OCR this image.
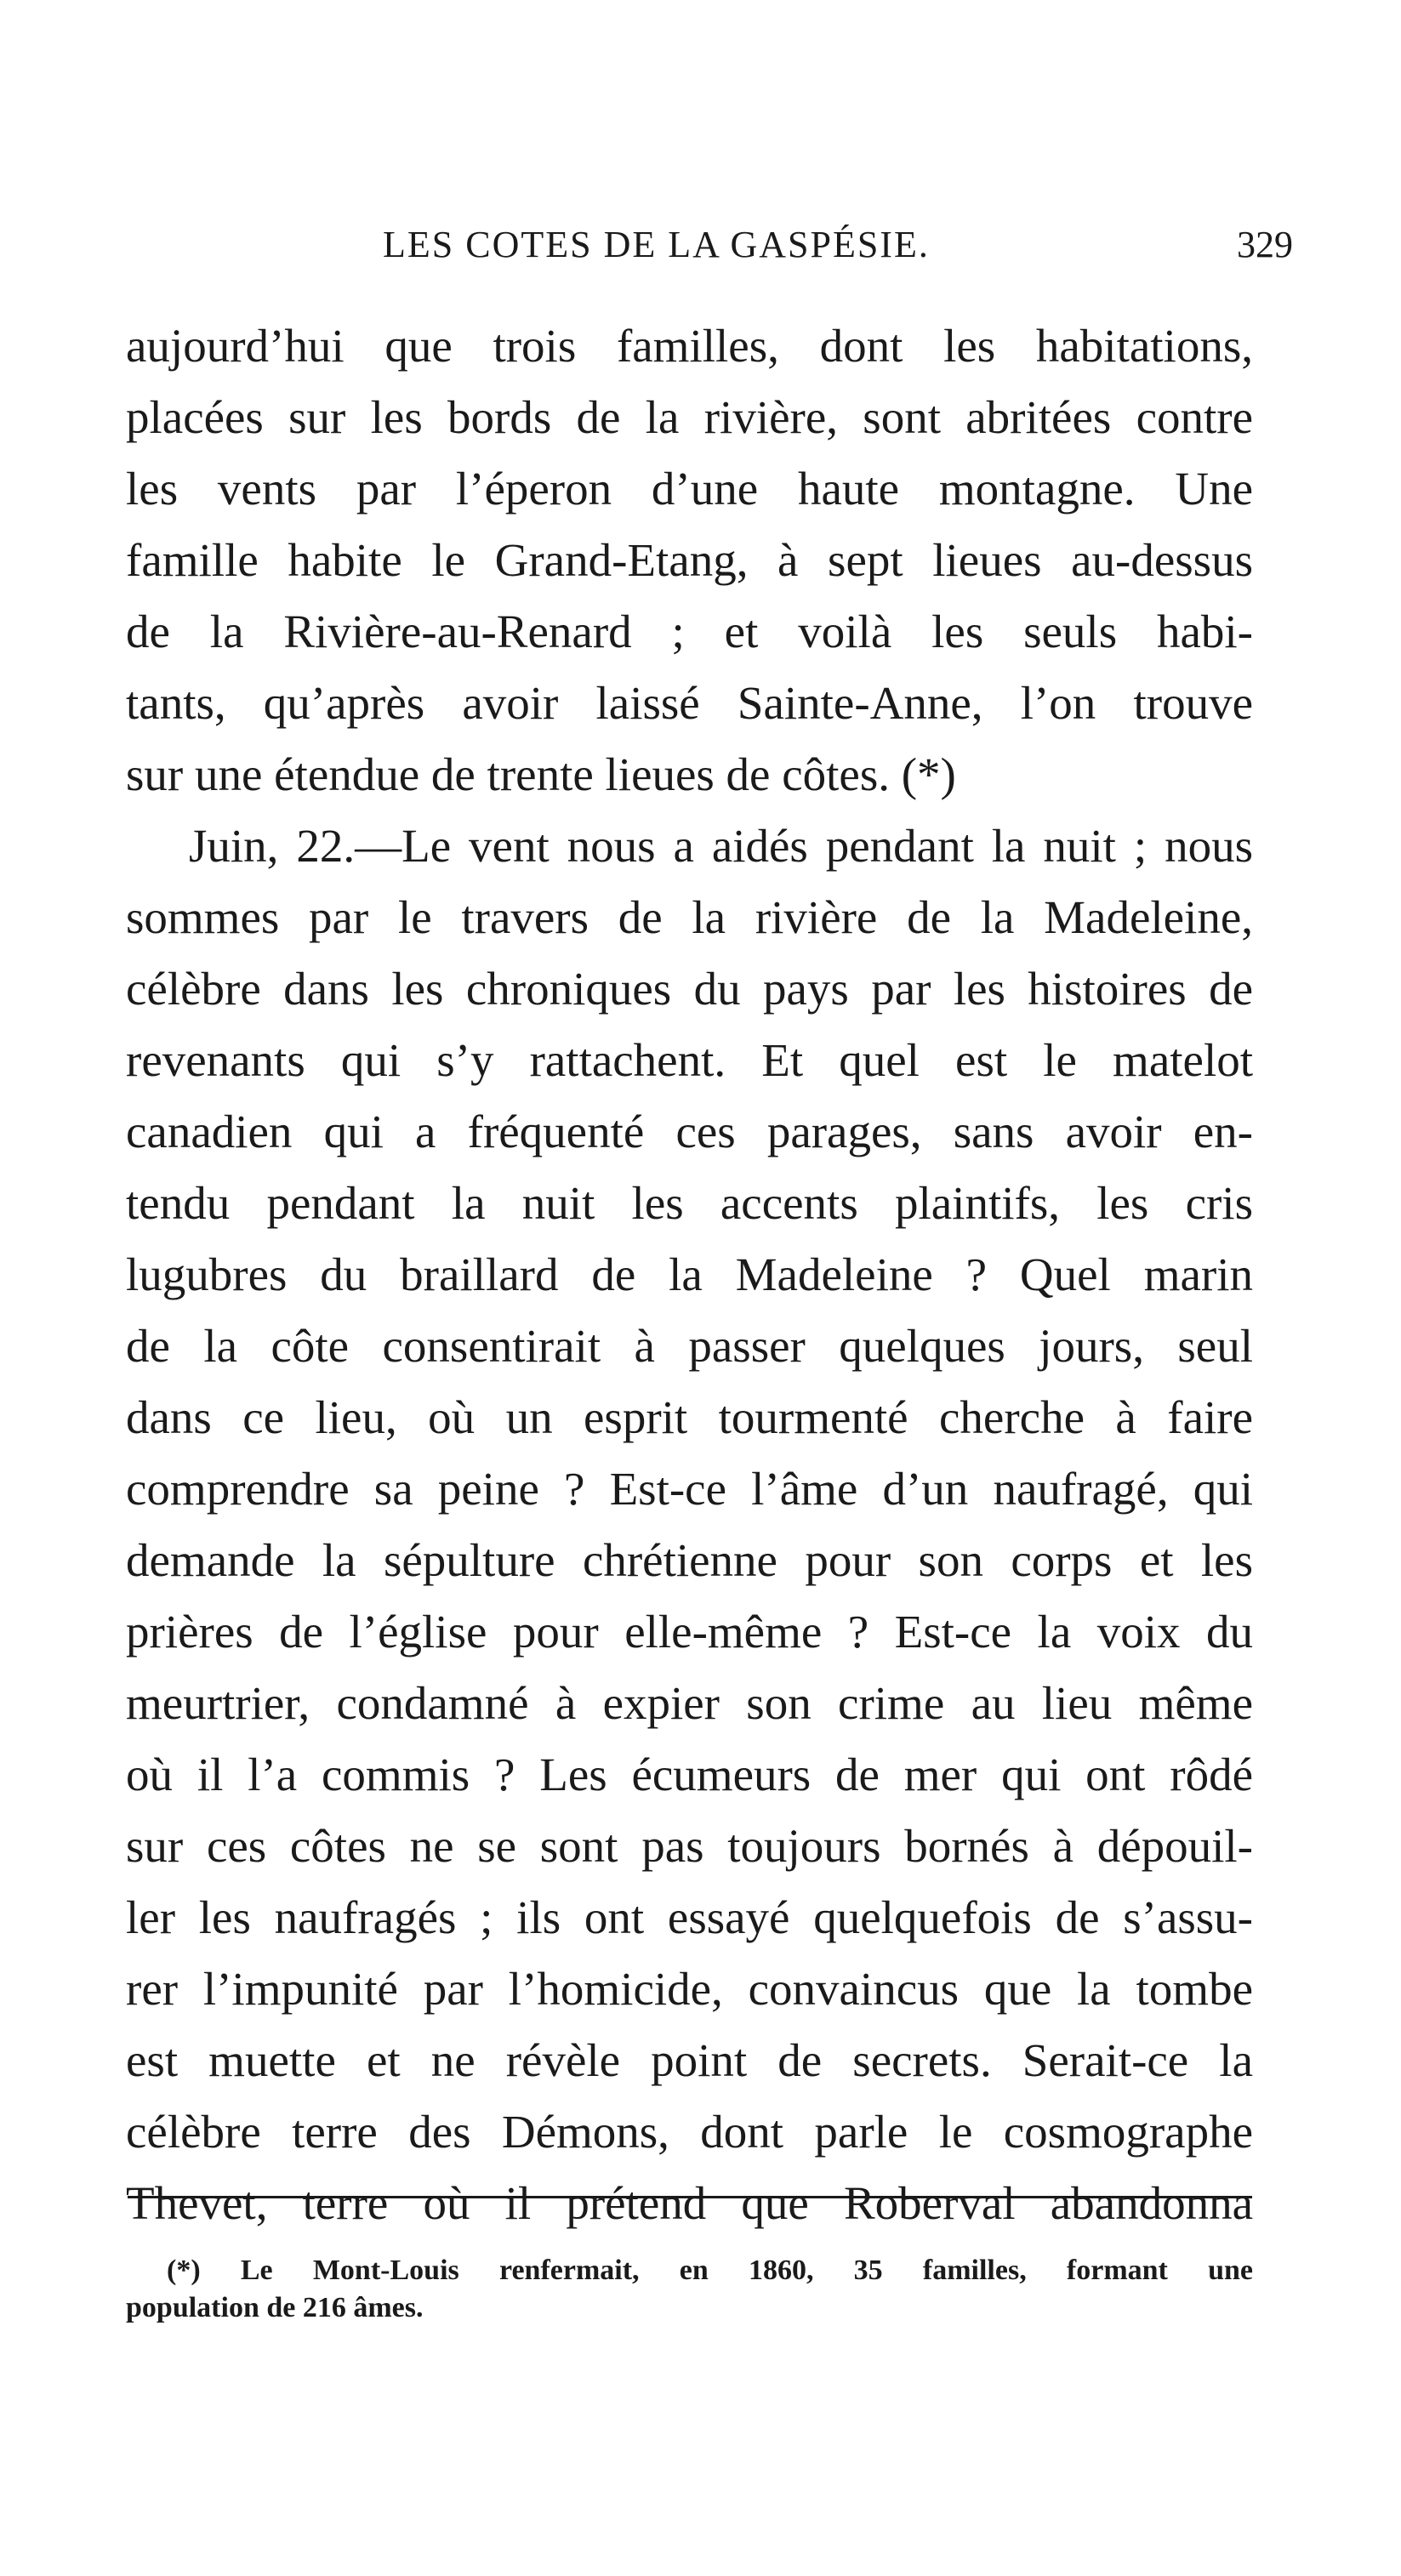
LES COTES DE LA GASPÉSIE.	329
aujourd’hui que trois familles, dont les habitations,
placées sur les bords de la rivière, sont abritées contre
les vents par l’éperon d’une haute montagne. Une
famille habite le Grand-Etang, à sept lieues au-dessus
de la Rivière-au-Renard ; et voilà les seuls habi-
tants, qu’après avoir laissé Sainte-Anne, l’on trouve
sur une étendue de trente lieues de côtes. (*)
Juin, 22.—Le vent nous a aidés pendant la nuit ; nous
sommes par le travers de la rivière de la Madeleine,
célèbre dans les chroniques du pays par les histoires de
revenants qui s’y rattachent. Et quel est le matelot
canadien qui a fréquenté ces parages, sans avoir en-
tendu pendant la nuit les accents plaintifs, les cris
lugubres du braillard de la Madeleine ? Quel marin
de la côte consentirait à passer quelques jours, seul
dans ce lieu, où un esprit tourmenté cherche à faire
comprendre sa peine ? Est-ce l’âme d’un naufragé, qui
demande la sépulture chrétienne pour son corps et les
prières de l’église pour elle-même ? Est-ce la voix du
meurtrier, condamné à expier son crime au lieu même
où il l’a commis ? Les écumeurs de mer qui ont rôdé
sur ces côtes ne se sont pas toujours bornés à dépouil-
ler les naufragés ; ils ont essayé quelquefois de s’assu-
rer l’impunité par l’homicide, convaincus que la tombe
est muette et ne révèle point de secrets. Serait-ce la
célèbre terre des Démons, dont parle le cosmographe
Thevet, terre où il prétend que Roberval abandonna
(*) Le Mont-Louis renfermait, en 1860, 35 familles, formant une
population de 216 âmes.
